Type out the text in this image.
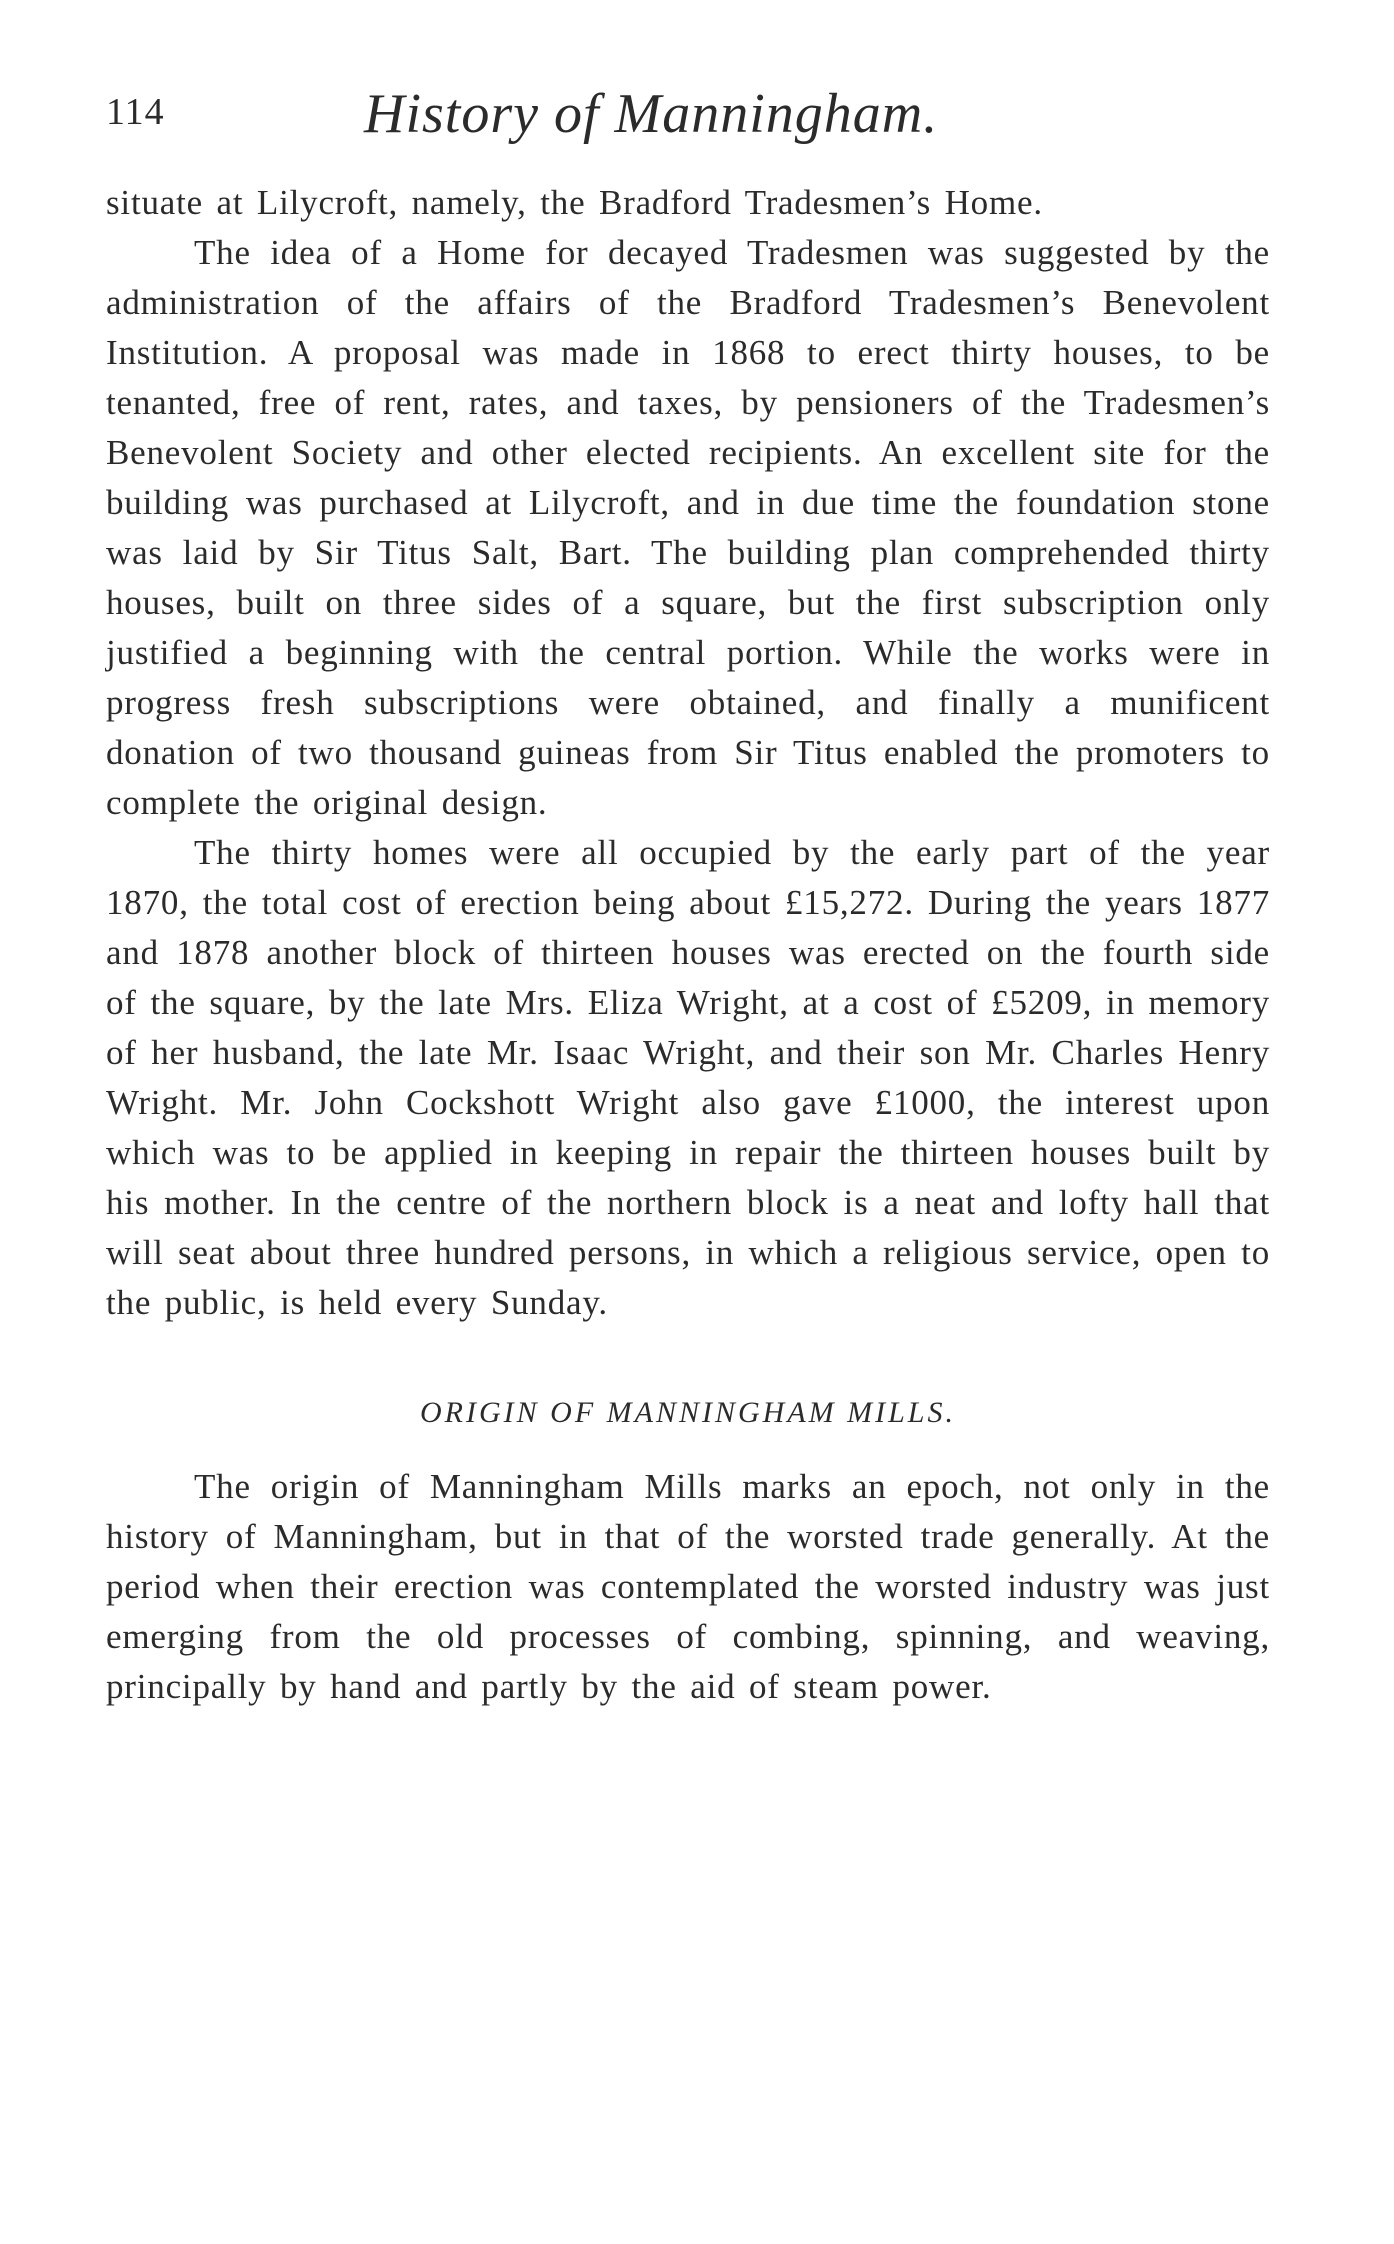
114	History of Manningham.

situate at Lilycroft, namely, the Bradford Tradesmen’s Home.

The idea of a Home for decayed Tradesmen was suggested by the administration of the affairs of the Bradford Tradesmen’s Benevolent Institution. A proposal was made in 1868 to erect thirty houses, to be tenanted, free of rent, rates, and taxes, by pensioners of the Tradesmen’s Benevolent Society and other elected recipients. An excellent site for the building was purchased at Lilycroft, and in due time the foundation stone was laid by Sir Titus Salt, Bart. The building plan comprehended thirty houses, built on three sides of a square, but the first subscription only justified a beginning with the central portion. While the works were in progress fresh subscriptions were obtained, and finally a munificent donation of two thousand guineas from Sir Titus enabled the promoters to complete the original design.

The thirty homes were all occupied by the early part of the year 1870, the total cost of erection being about £15,272. During the years 1877 and 1878 another block of thirteen houses was erected on the fourth side of the square, by the late Mrs. Eliza Wright, at a cost of £5209, in memory of her husband, the late Mr. Isaac Wright, and their son Mr. Charles Henry Wright. Mr. John Cockshott Wright also gave £1000, the interest upon which was to be applied in keeping in repair the thirteen houses built by his mother. In the centre of the northern block is a neat and lofty hall that will seat about three hundred persons, in which a religious service, open to the public, is held every Sunday.

ORIGIN OF MANNINGHAM MILLS.

The origin of Manningham Mills marks an epoch, not only in the history of Manningham, but in that of the worsted trade generally. At the period when their erection was contemplated the worsted industry was just emerging from the old processes of combing, spinning, and weaving, principally by hand and partly by the aid of steam power.
